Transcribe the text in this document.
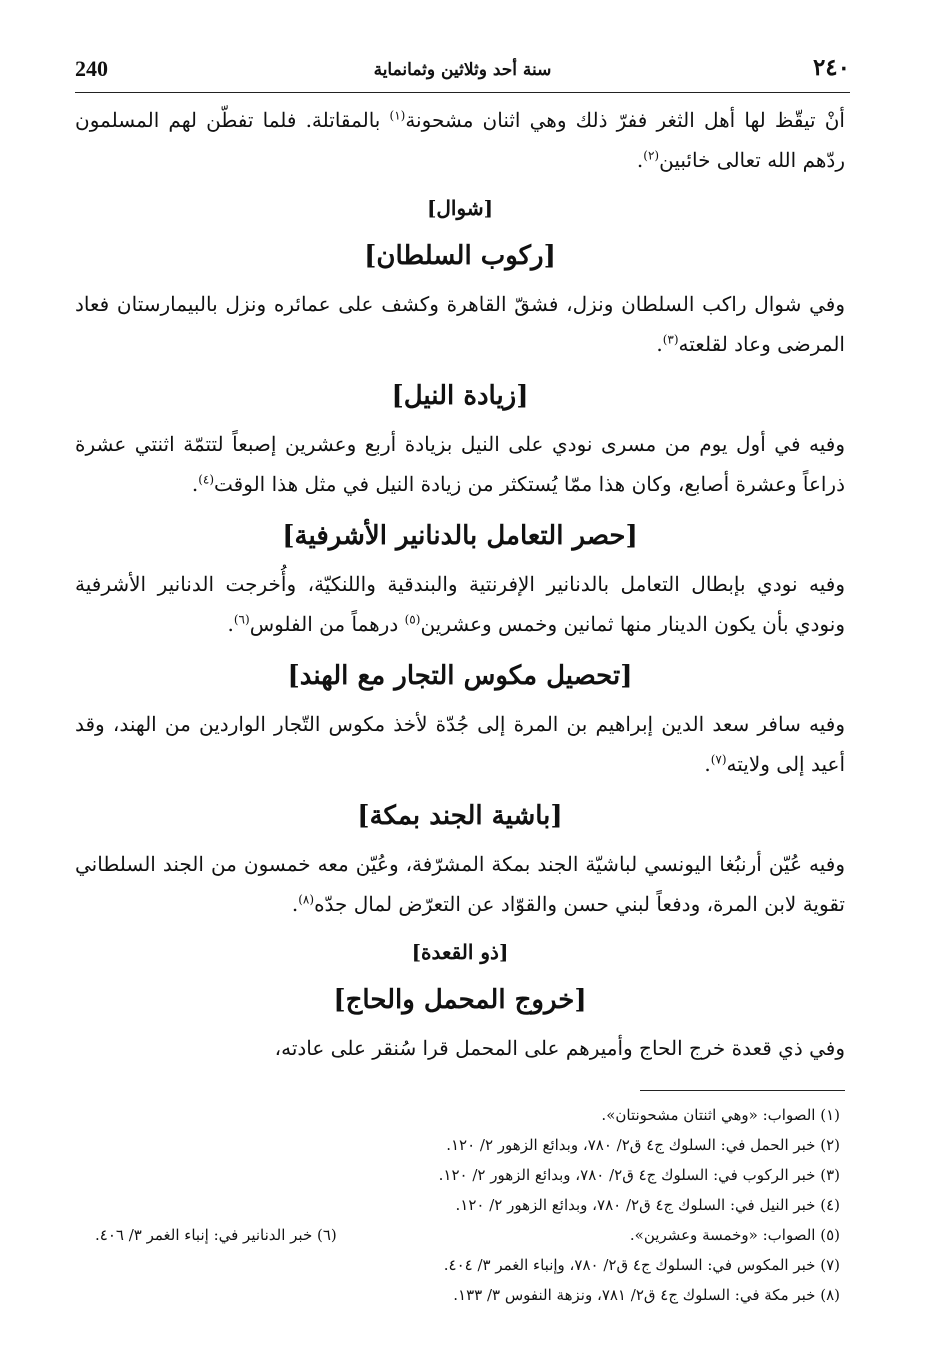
240	سنة أحد وثلاثين وثمانماية	٢٤٠

أنْ تيقّظ لها أهل الثغر ففرّ ذلك وهي اثنان مشحونة$^{(١)}$ بالمقاتلة. فلما تفطّن لهم المسلمون ردّهم الله تعالى خائبين$^{(٢)}$.

[شوال]
[ركوب السلطان]

وفي شوال راكب السلطان ونزل، فشقّ القاهرة وكشف على عمائره ونزل بالبيمارستان فعاد المرضى وعاد لقلعته$^{(٣)}$.

[زيادة النيل]

وفيه في أول يوم من مسرى نودي على النيل بزيادة أربع وعشرين إصبعاً لتتمّة اثنتي عشرة ذراعاً وعشرة أصابع، وكان هذا ممّا يُستكثر من زيادة النيل في مثل هذا الوقت$^{(٤)}$.

[حصر التعامل بالدنانير الأشرفية]

وفيه نودي بإبطال التعامل بالدنانير الإفرنتية والبندقية واللنكيّة، وأُخرجت الدنانير الأشرفية ونودي بأن يكون الدينار منها ثمانين وخمس وعشرين$^{(٥)}$ درهماً من الفلوس$^{(٦)}$.

[تحصيل مكوس التجار مع الهند]

وفيه سافر سعد الدين إبراهيم بن المرة إلى جُدّة لأخذ مكوس التّجار الواردين من الهند، وقد أعيد إلى ولايته$^{(٧)}$.

[باشية الجند بمكة]

وفيه عُيّن أرنبُغا اليونسي لباشيّة الجند بمكة المشرّفة، وعُيّن معه خمسون من الجند السلطاني تقوية لابن المرة، ودفعاً لبني حسن والقوّاد عن التعرّض لمال جدّه$^{(٨)}$.

[ذو القعدة]
[خروج المحمل والحاج]

وفي ذي قعدة خرج الحاج وأميرهم على المحمل قرا سُنقر على عادته،

(١) الصواب: «وهي اثنتان مشحونتان».
(٢) خبر الحمل في: السلوك ج٤ ق٢/ ٧٨٠، وبدائع الزهور ٢/ ١٢٠.
(٣) خبر الركوب في: السلوك ج٤ ق٢/ ٧٨٠، وبدائع الزهور ٢/ ١٢٠.
(٤) خبر النيل في: السلوك ج٤ ق٢/ ٧٨٠، وبدائع الزهور ٢/ ١٢٠.
(٥) الصواب: «وخمسة وعشرين».
(٦) خبر الدنانير في: إنباء الغمر ٣/ ٤٠٦.
(٧) خبر المكوس في: السلوك ج٤ ق٢/ ٧٨٠، وإنباء الغمر ٣/ ٤٠٤.
(٨) خبر مكة في: السلوك ج٤ ق٢/ ٧٨١، ونزهة النفوس ٣/ ١٣٣.
